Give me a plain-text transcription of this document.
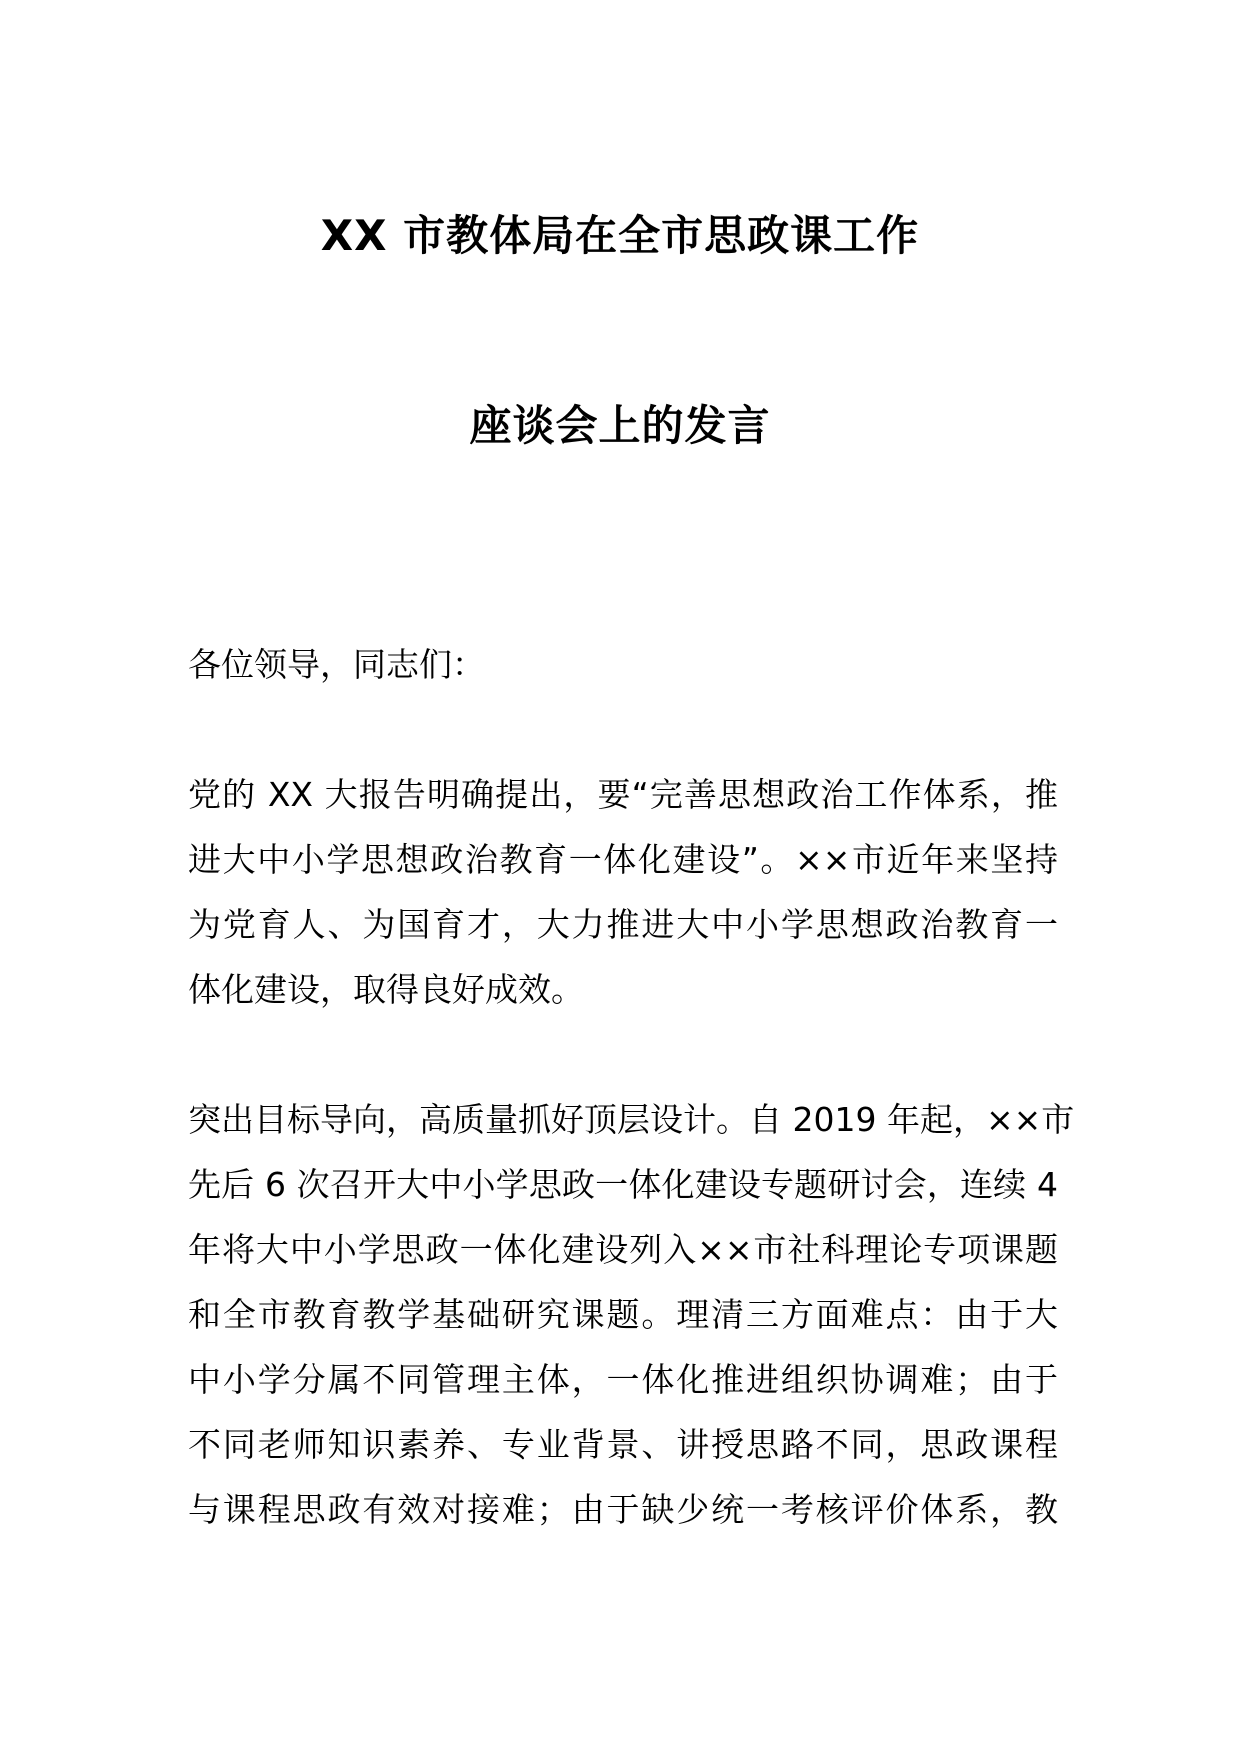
XX 市教体局在全市思政课工作
座谈会上的发言
各位领导，同志们：
党的 XX 大报告明确提出，要“完善思想政治工作体系，推
进大中小学思想政治教育一体化建设”。××市近年来坚持
为党育人、为国育才，大力推进大中小学思想政治教育一
体化建设，取得良好成效。
突出目标导向，高质量抓好顶层设计。自 2019 年起，××市
先后 6 次召开大中小学思政一体化建设专题研讨会，连续 4
年将大中小学思政一体化建设列入××市社科理论专项课题
和全市教育教学基础研究课题。理清三方面难点：由于大
中小学分属不同管理主体，一体化推进组织协调难；由于
不同老师知识素养、专业背景、讲授思路不同，思政课程
与课程思政有效对接难；由于缺少统一考核评价体系，教
